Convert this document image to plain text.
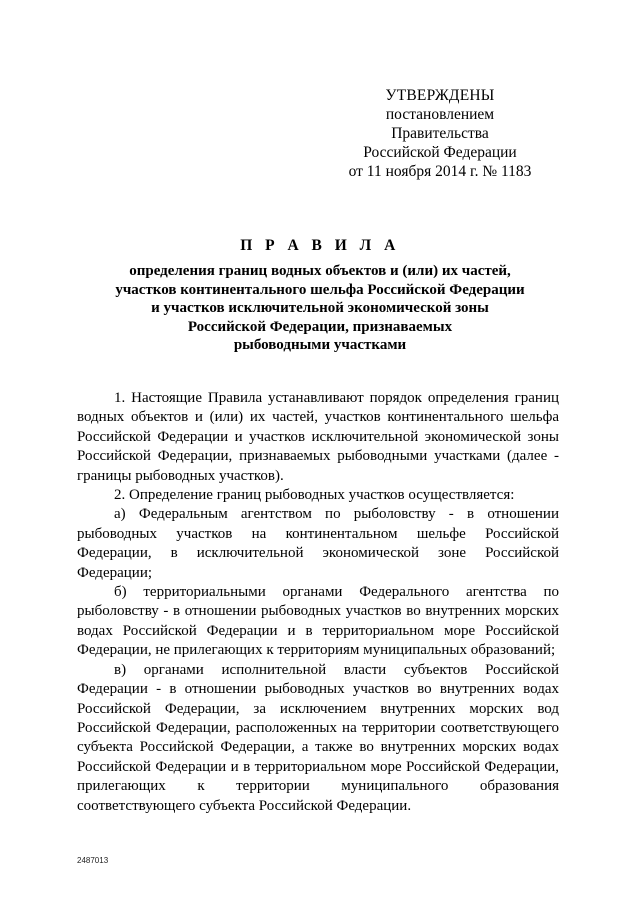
УТВЕРЖДЕНЫ
постановлением Правительства
Российской Федерации
от 11 ноября 2014 г. № 1183
П Р А В И Л А
определения границ водных объектов и (или) их частей,
участков континентального шельфа Российской Федерации
и участков исключительной экономической зоны
Российской Федерации, признаваемых
рыбоводными участками

1. Настоящие Правила устанавливают порядок определения границ водных объектов и (или) их частей, участков континентального шельфа Российской Федерации и участков исключительной экономической зоны Российской Федерации, признаваемых рыбоводными участками (далее - границы рыбоводных участков).

2. Определение границ рыбоводных участков осуществляется:

а) Федеральным агентством по рыболовству - в отношении рыбоводных участков на континентальном шельфе Российской Федерации, в исключительной экономической зоне Российской Федерации;

б) территориальными органами Федерального агентства по рыболовству - в отношении рыбоводных участков во внутренних морских водах Российской Федерации и в территориальном море Российской Федерации, не прилегающих к территориям муниципальных образований;

в) органами исполнительной власти субъектов Российской Федерации - в отношении рыбоводных участков во внутренних водах Российской Федерации, за исключением внутренних морских вод Российской Федерации, расположенных на территории соответствующего субъекта Российской Федерации, а также во внутренних морских водах Российской Федерации и в территориальном море Российской Федерации, прилегающих к территории муниципального образования соответствующего субъекта Российской Федерации.

2487013
